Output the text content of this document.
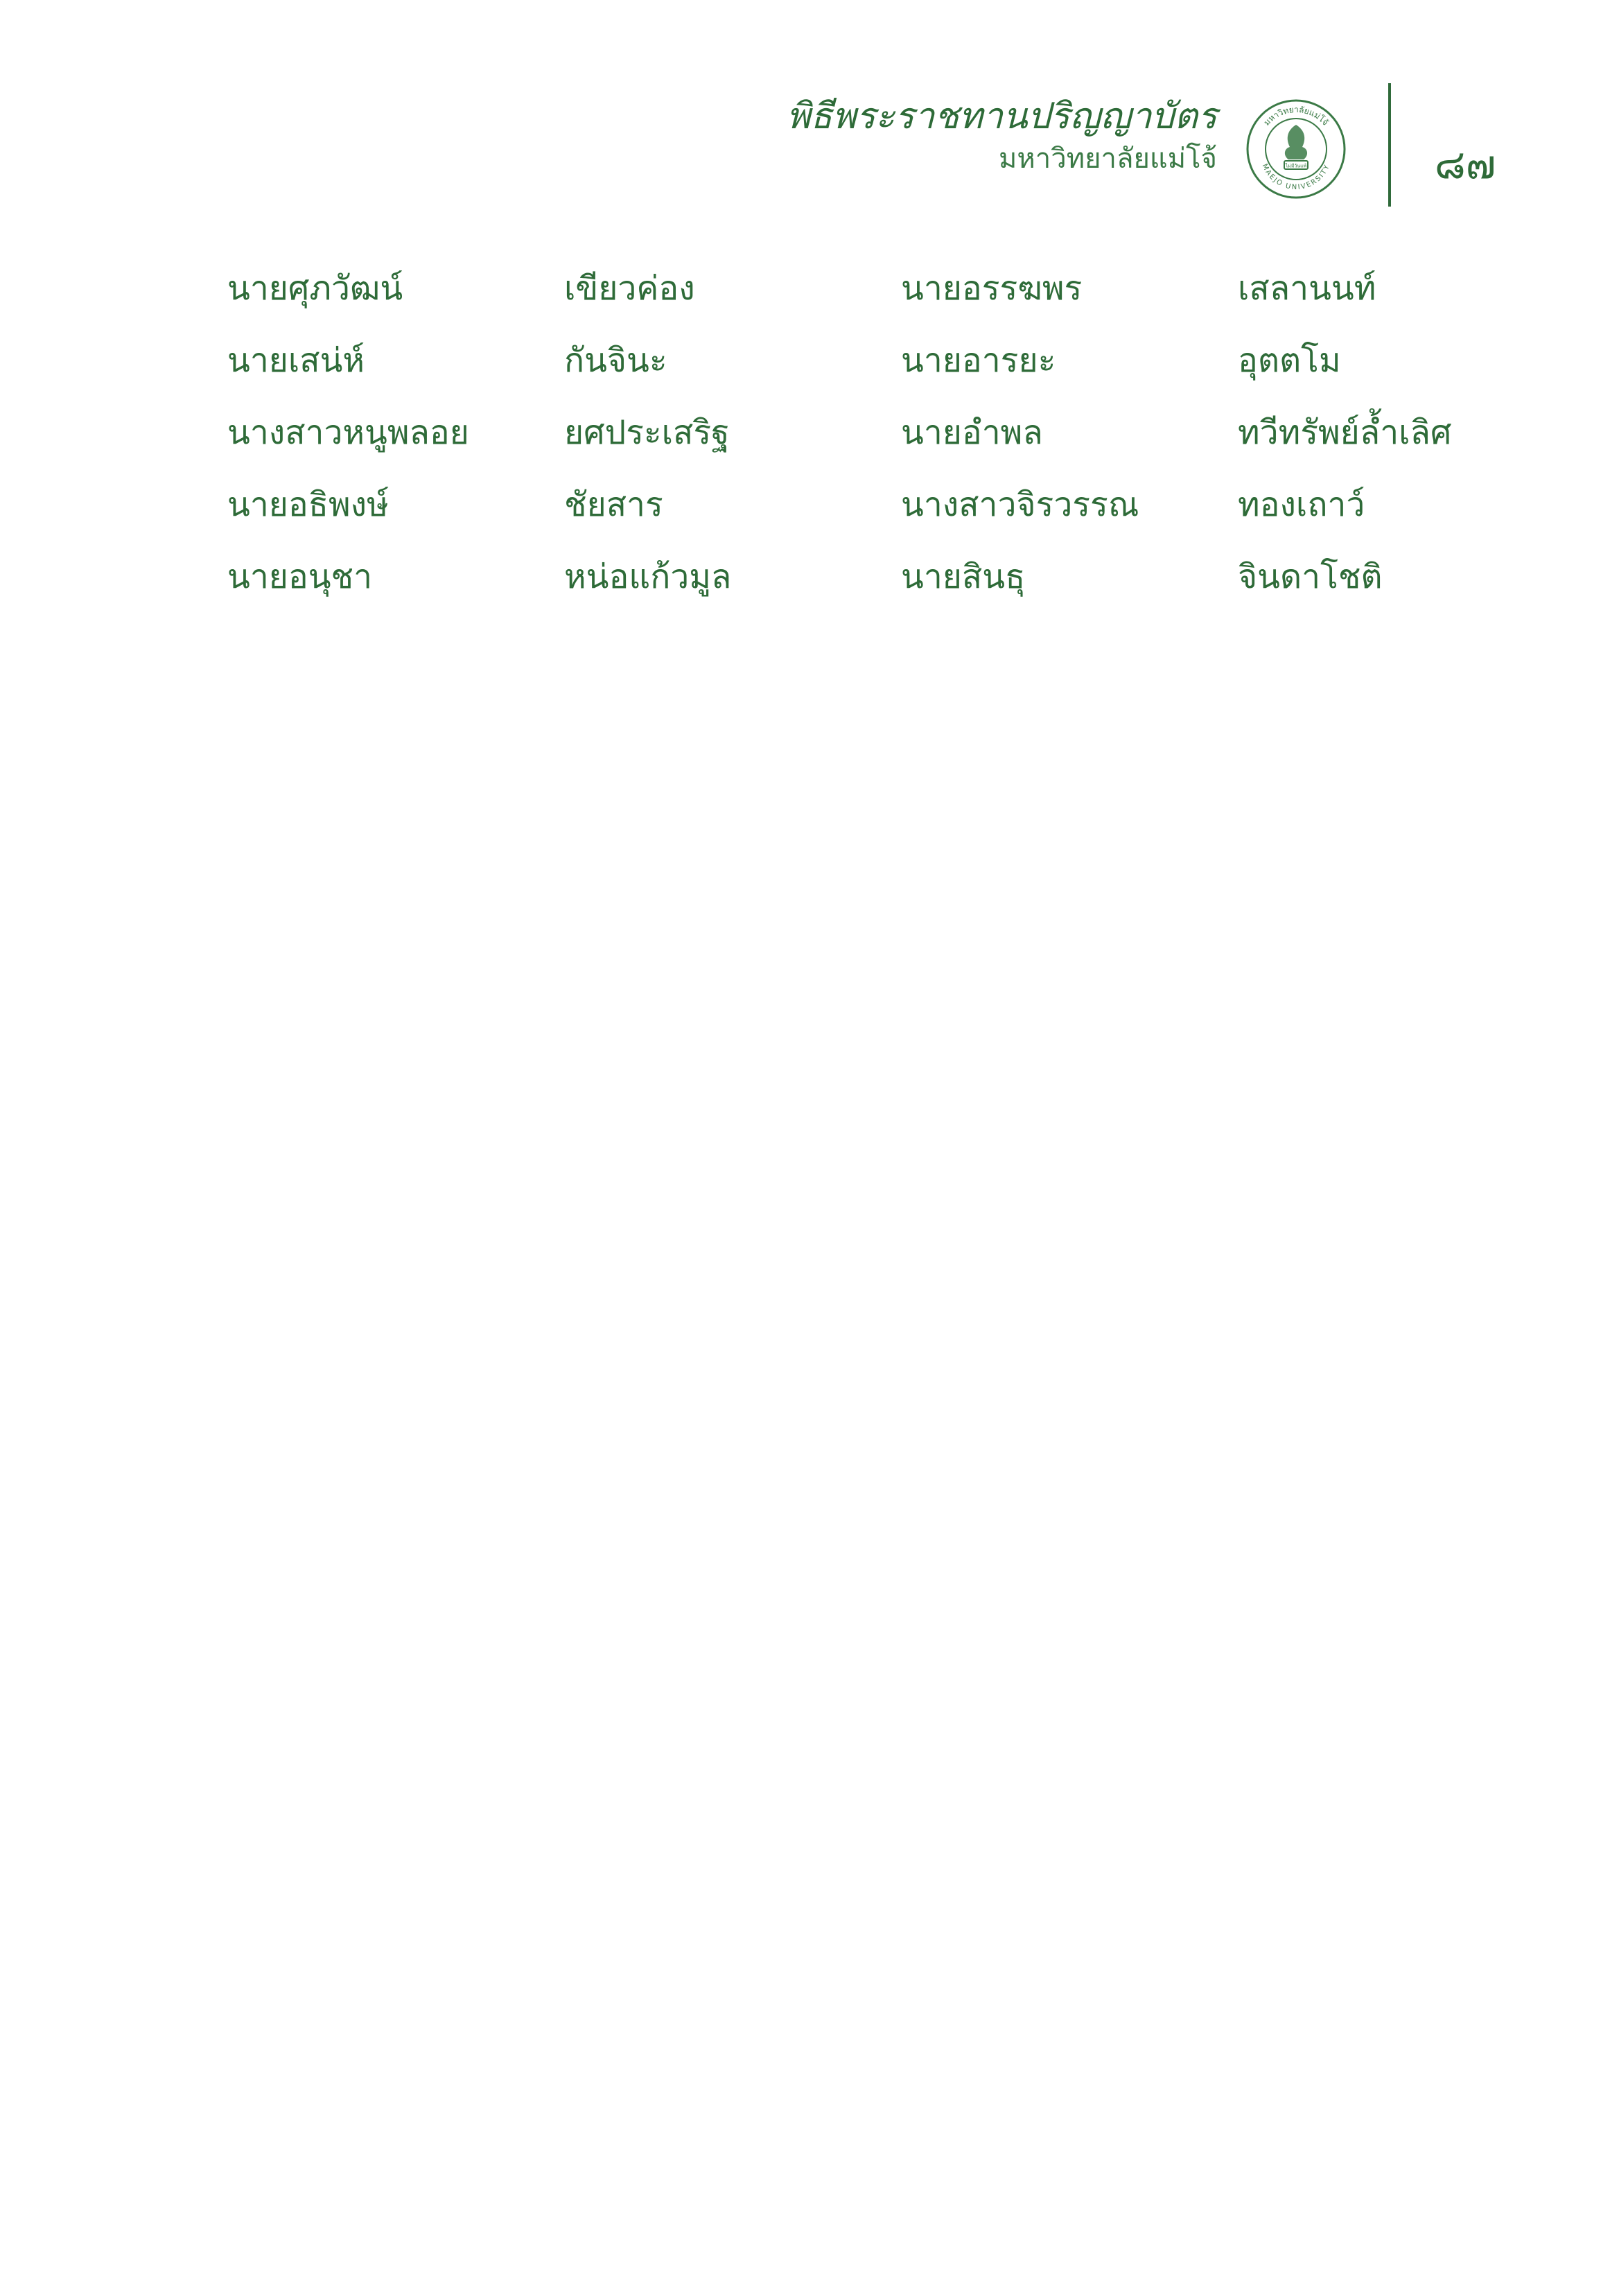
พิธีพระราชทานปริญญาบัตร
มหาวิทยาลัยแม่โจ้
มหาวิทยาลัยแม่โจ้
MAEJO UNIVERSITY
ไม่มีวันแพ้	๘๗
นายศุภวัฒน์	เขียวค่อง	นายอรรฆพร	เสลานนท์
นายเสน่ห์	กันจินะ	นายอารยะ	อุตตโม
นางสาวหนูพลอย	ยศประเสริฐ	นายอำพล	ทวีทรัพย์ล้ำเลิศ
นายอธิพงษ์	ชัยสาร	นางสาวจิรวรรณ	ทองเถาว์
นายอนุชา	หน่อแก้วมูล	นายสินธุ	จินดาโชติ
